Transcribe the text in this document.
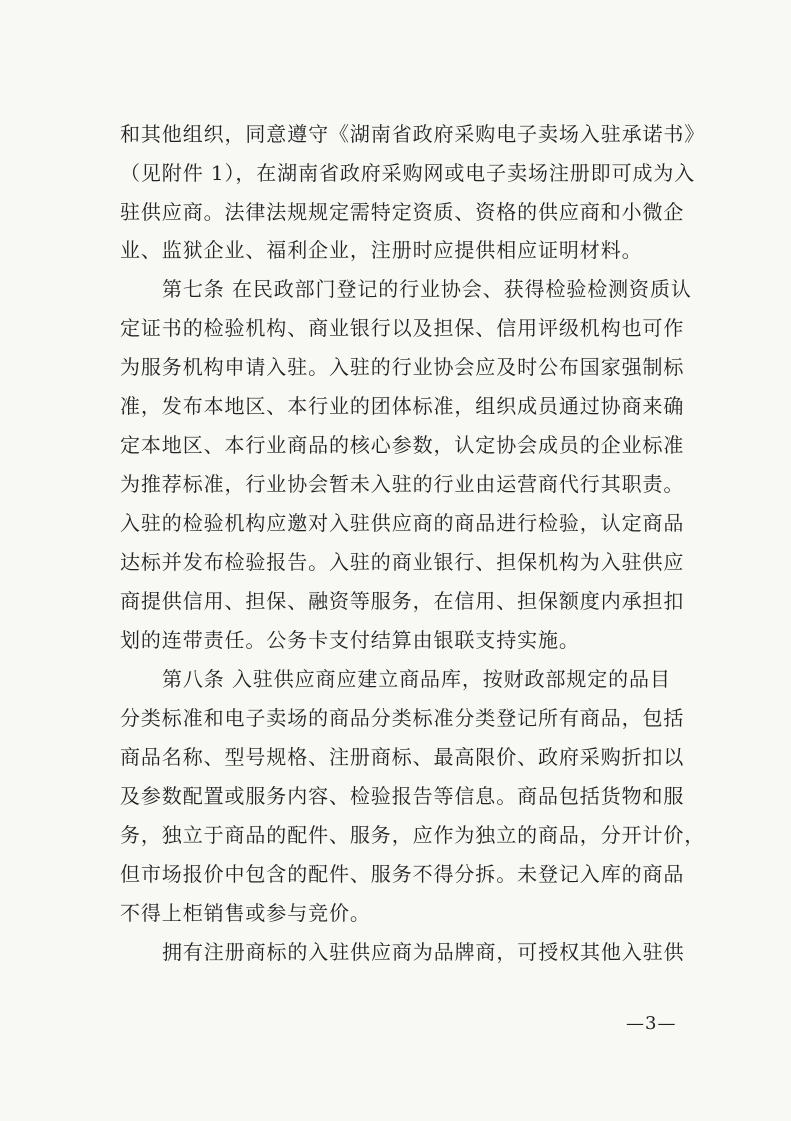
和其他组织，同意遵守《湖南省政府采购电子卖场入驻承诺书》
（见附件 1），在湖南省政府采购网或电子卖场注册即可成为入
驻供应商。法律法规规定需特定资质、资格的供应商和小微企
业、监狱企业、福利企业，注册时应提供相应证明材料。
第七条 在民政部门登记的行业协会、获得检验检测资质认
定证书的检验机构、商业银行以及担保、信用评级机构也可作
为服务机构申请入驻。入驻的行业协会应及时公布国家强制标
准，发布本地区、本行业的团体标准，组织成员通过协商来确
定本地区、本行业商品的核心参数，认定协会成员的企业标准
为推荐标准，行业协会暂未入驻的行业由运营商代行其职责。
入驻的检验机构应邀对入驻供应商的商品进行检验，认定商品
达标并发布检验报告。入驻的商业银行、担保机构为入驻供应
商提供信用、担保、融资等服务，在信用、担保额度内承担扣
划的连带责任。公务卡支付结算由银联支持实施。
第八条 入驻供应商应建立商品库，按财政部规定的品目
分类标准和电子卖场的商品分类标准分类登记所有商品，包括
商品名称、型号规格、注册商标、最高限价、政府采购折扣以
及参数配置或服务内容、检验报告等信息。商品包括货物和服
务，独立于商品的配件、服务，应作为独立的商品，分开计价，
但市场报价中包含的配件、服务不得分拆。未登记入库的商品
不得上柜销售或参与竞价。
拥有注册商标的入驻供应商为品牌商，可授权其他入驻供
—3—
